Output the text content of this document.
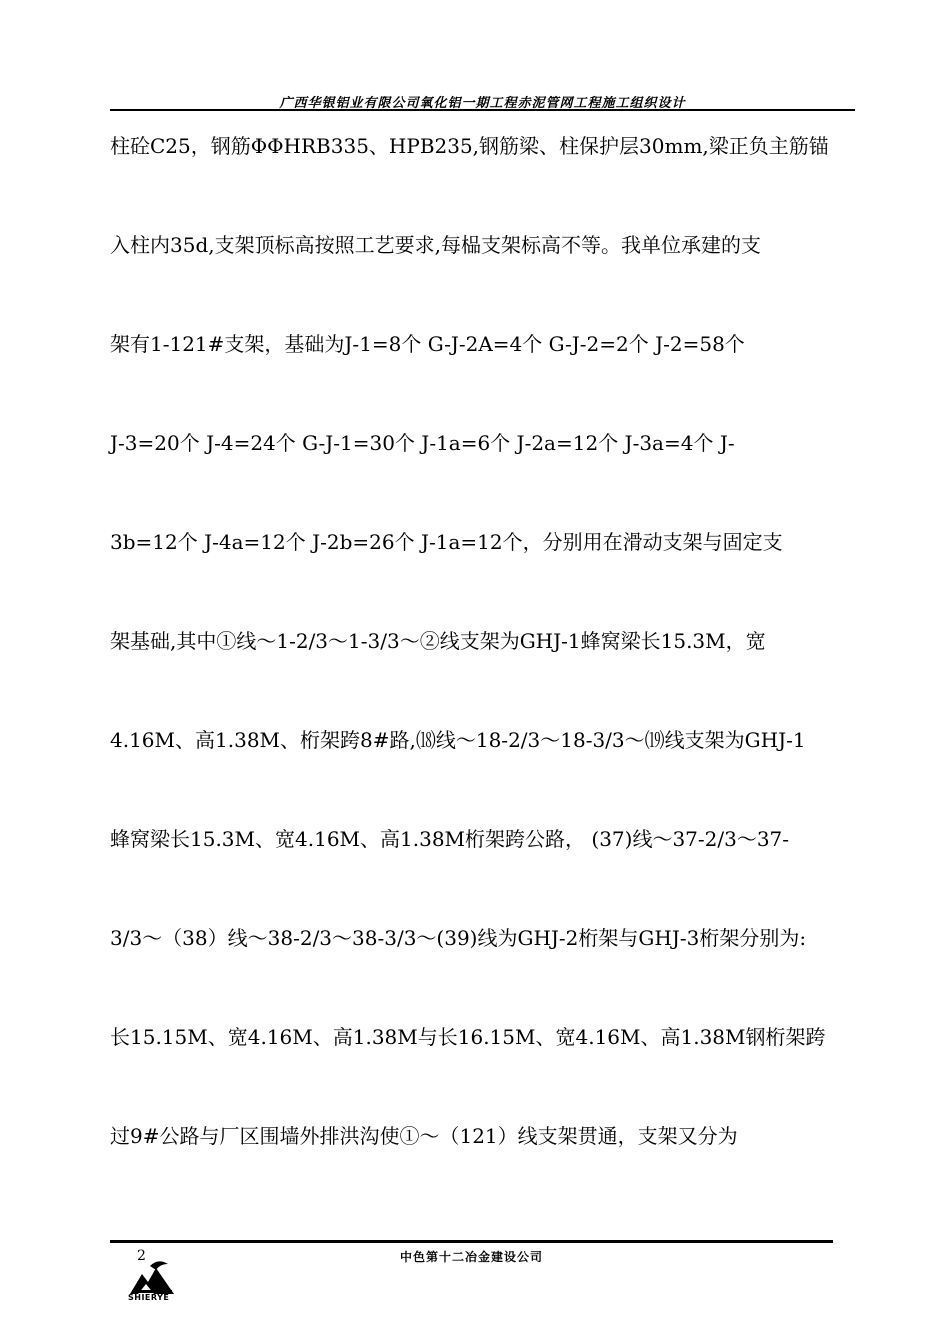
广西华银铝业有限公司氧化铝一期工程赤泥管网工程施工组织设计
柱砼C25，钢筋ΦΦHRB335、HPB235,钢筋梁、柱保护层30mm,梁正负主筋锚
入柱内35d,支架顶标高按照工艺要求,每榀支架标高不等。我单位承建的支
架有1-121#支架，基础为J-1=8个 G-J-2A=4个 G-J-2=2个 J-2=58个
J-3=20个 J-4=24个 G-J-1=30个 J-1a=6个 J-2a=12个 J-3a=4个 J-
3b=12个 J-4a=12个 J-2b=26个 J-1a=12个，分别用在滑动支架与固定支
架基础,其中①线～1-2/3～1-3/3～②线支架为GHJ-1蜂窝梁长15.3M，宽
4.16M、高1.38M、桁架跨8#路,⒅线～18-2/3～18-3/3～⒆线支架为GHJ-1
蜂窝梁长15.3M、宽4.16M、高1.38M桁架跨公路， (37)线～37-2/3～37-
3/3～（38）线～38-2/3～38-3/3～(39)线为GHJ-2桁架与GHJ-3桁架分别为:
长15.15M、宽4.16M、高1.38M与长16.15M、宽4.16M、高1.38M钢桁架跨
过9#公路与厂区围墙外排洪沟使①～（121）线支架贯通，支架又分为
2	中色第十二冶金建设公司
SHIERYE
